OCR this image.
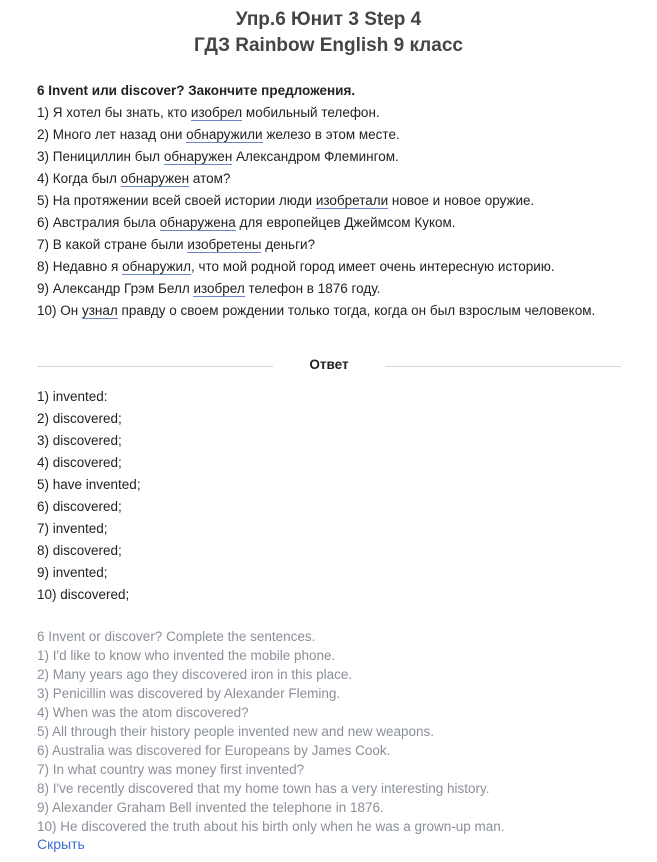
Упр.6 Юнит 3 Step 4
ГДЗ Rainbow English 9 класс
6 Invent или discover? Закончите предложения.
1) Я хотел бы знать, кто изобрел мобильный телефон.
2) Много лет назад они обнаружили железо в этом месте.
3) Пенициллин был обнаружен Александром Флемингом.
4) Когда был обнаружен атом?
5) На протяжении всей своей истории люди изобретали новое и новое оружие.
6) Австралия была обнаружена для европейцев Джеймсом Куком.
7) В какой стране были изобретены деньги?
8) Недавно я обнаружил, что мой родной город имеет очень интересную историю.
9) Александр Грэм Белл изобрел телефон в 1876 году.
10) Он узнал правду о своем рождении только тогда, когда он был взрослым человеком.
Ответ
1) invented:
2) discovered;
3) discovered;
4) discovered;
5) have invented;
6) discovered;
7) invented;
8) discovered;
9) invented;
10) discovered;
6 Invent or discover? Complete the sentences.
1) I'd like to know who invented the mobile phone.
2) Many years ago they discovered iron in this place.
3) Penicillin was discovered by Alexander Fleming.
4) When was the atom discovered?
5) All through their history people invented new and new weapons.
6) Australia was discovered for Europeans by James Cook.
7) In what country was money first invented?
8) I've recently discovered that my home town has a very interesting history.
9) Alexander Graham Bell invented the telephone in 1876.
10) He discovered the truth about his birth only when he was a grown-up man.
Скрыть
